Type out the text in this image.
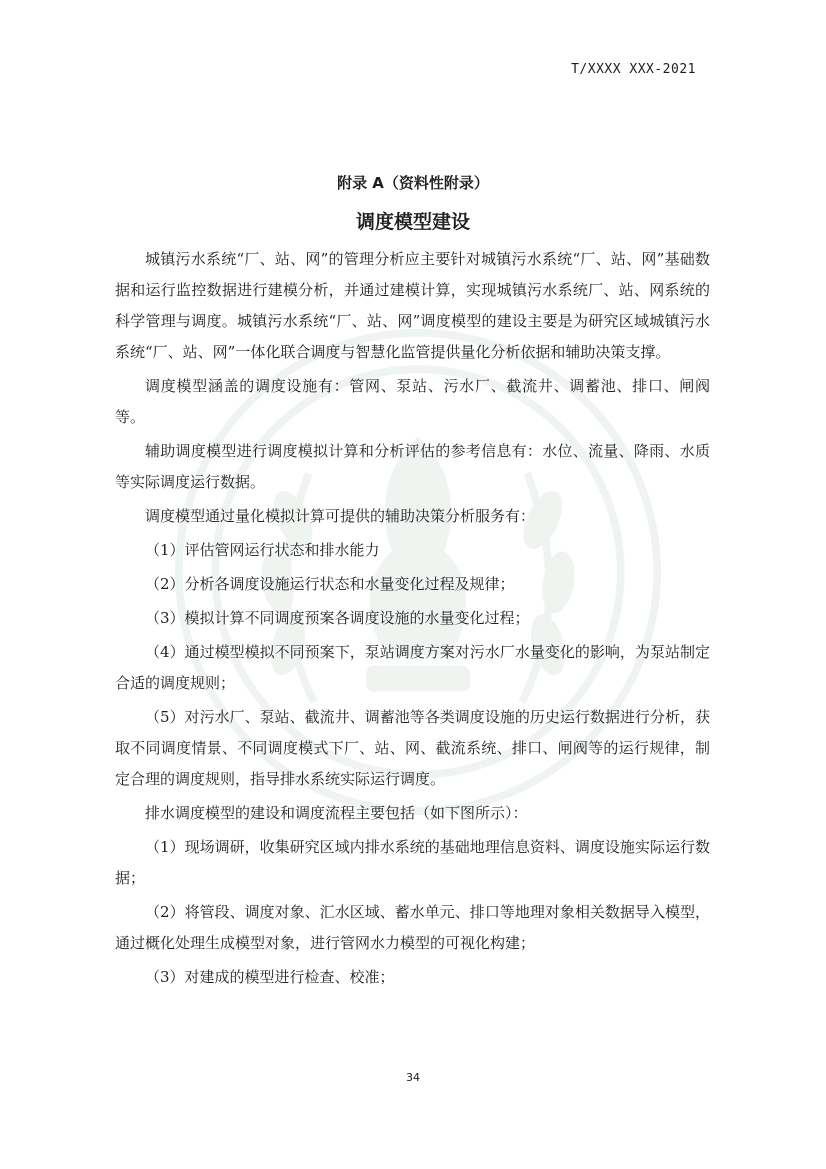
T/XXXX XXX-2021
附录 A（资料性附录）
调度模型建设

城镇污水系统“厂、站、网”的管理分析应主要针对城镇污水系统“厂、站、网”基础数据和运行监控数据进行建模分析，并通过建模计算，实现城镇污水系统厂、站、网系统的科学管理与调度。城镇污水系统“厂、站、网”调度模型的建设主要是为研究区域城镇污水系统“厂、站、网”一体化联合调度与智慧化监管提供量化分析依据和辅助决策支撑。

调度模型涵盖的调度设施有：管网、泵站、污水厂、截流井、调蓄池、排口、闸阀等。

辅助调度模型进行调度模拟计算和分析评估的参考信息有：水位、流量、降雨、水质等实际调度运行数据。

调度模型通过量化模拟计算可提供的辅助决策分析服务有：

（1）评估管网运行状态和排水能力

（2）分析各调度设施运行状态和水量变化过程及规律；

（3）模拟计算不同调度预案各调度设施的水量变化过程；

（4）通过模型模拟不同预案下，泵站调度方案对污水厂水量变化的影响，为泵站制定合适的调度规则；

（5）对污水厂、泵站、截流井、调蓄池等各类调度设施的历史运行数据进行分析，获取不同调度情景、不同调度模式下厂、站、网、截流系统、排口、闸阀等的运行规律，制定合理的调度规则，指导排水系统实际运行调度。

排水调度模型的建设和调度流程主要包括（如下图所示）：

（1）现场调研，收集研究区域内排水系统的基础地理信息资料、调度设施实际运行数据；

（2）将管段、调度对象、汇水区域、蓄水单元、排口等地理对象相关数据导入模型，通过概化处理生成模型对象，进行管网水力模型的可视化构建；

（3）对建成的模型进行检查、校准；

34
